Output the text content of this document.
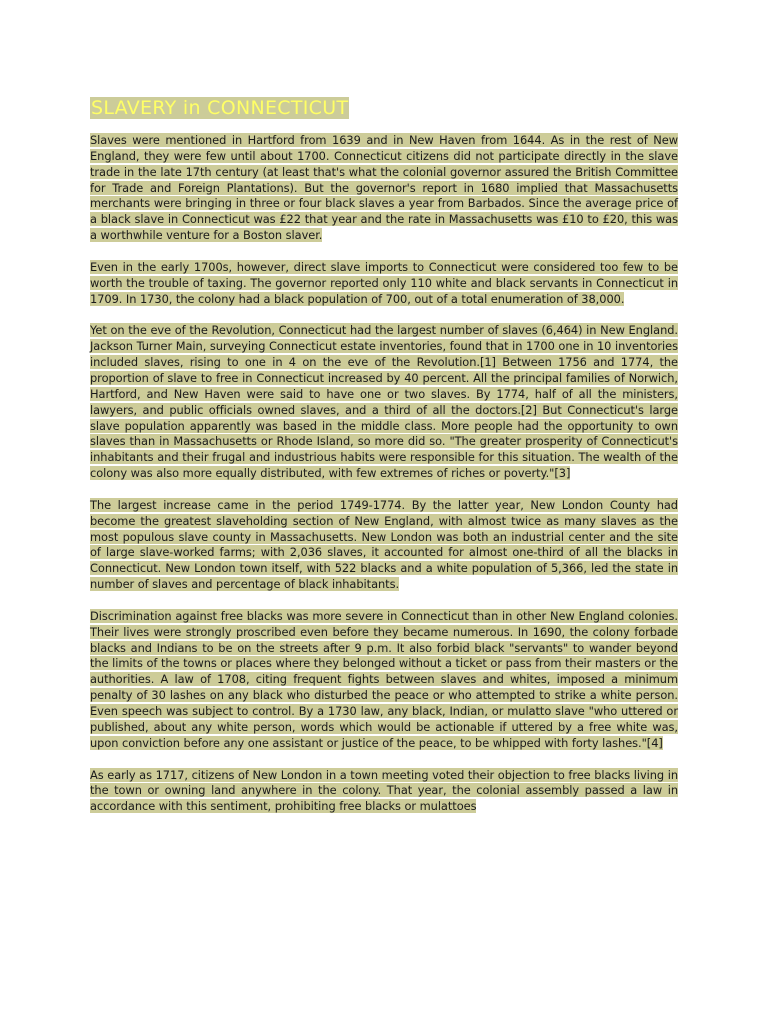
SLAVERY in CONNECTICUT

Slaves were mentioned in Hartford from 1639 and in New Haven from 1644. As in the rest of New England, they were few until about 1700. Connecticut citizens did not participate directly in the slave trade in the late 17th century (at least that's what the colonial governor assured the British Committee for Trade and Foreign Plantations). But the governor's report in 1680 implied that Massachusetts merchants were bringing in three or four black slaves a year from Barbados. Since the average price of a black slave in Connecticut was £22 that year and the rate in Massachusetts was £10 to £20, this was a worthwhile venture for a Boston slaver.

Even in the early 1700s, however, direct slave imports to Connecticut were considered too few to be worth the trouble of taxing. The governor reported only 110 white and black servants in Connecticut in 1709. In 1730, the colony had a black population of 700, out of a total enumeration of 38,000.

Yet on the eve of the Revolution, Connecticut had the largest number of slaves (6,464) in New England. Jackson Turner Main, surveying Connecticut estate inventories, found that in 1700 one in 10 inventories included slaves, rising to one in 4 on the eve of the Revolution.[1] Between 1756 and 1774, the proportion of slave to free in Connecticut increased by 40 percent. All the principal families of Norwich, Hartford, and New Haven were said to have one or two slaves. By 1774, half of all the ministers, lawyers, and public officials owned slaves, and a third of all the doctors.[2] But Connecticut's large slave population apparently was based in the middle class. More people had the opportunity to own slaves than in Massachusetts or Rhode Island, so more did so. "The greater prosperity of Connecticut's inhabitants and their frugal and industrious habits were responsible for this situation. The wealth of the colony was also more equally distributed, with few extremes of riches or poverty."[3]

The largest increase came in the period 1749-1774. By the latter year, New London County had become the greatest slaveholding section of New England, with almost twice as many slaves as the most populous slave county in Massachusetts. New London was both an industrial center and the site of large slave-worked farms; with 2,036 slaves, it accounted for almost one-third of all the blacks in Connecticut. New London town itself, with 522 blacks and a white population of 5,366, led the state in number of slaves and percentage of black inhabitants.

Discrimination against free blacks was more severe in Connecticut than in other New England colonies. Their lives were strongly proscribed even before they became numerous. In 1690, the colony forbade blacks and Indians to be on the streets after 9 p.m. It also forbid black "servants" to wander beyond the limits of the towns or places where they belonged without a ticket or pass from their masters or the authorities. A law of 1708, citing frequent fights between slaves and whites, imposed a minimum penalty of 30 lashes on any black who disturbed the peace or who attempted to strike a white person. Even speech was subject to control. By a 1730 law, any black, Indian, or mulatto slave "who uttered or published, about any white person, words which would be actionable if uttered by a free white was, upon conviction before any one assistant or justice of the peace, to be whipped with forty lashes."[4]

As early as 1717, citizens of New London in a town meeting voted their objection to free blacks living in the town or owning land anywhere in the colony. That year, the colonial assembly passed a law in accordance with this sentiment, prohibiting free blacks or mulattoes
